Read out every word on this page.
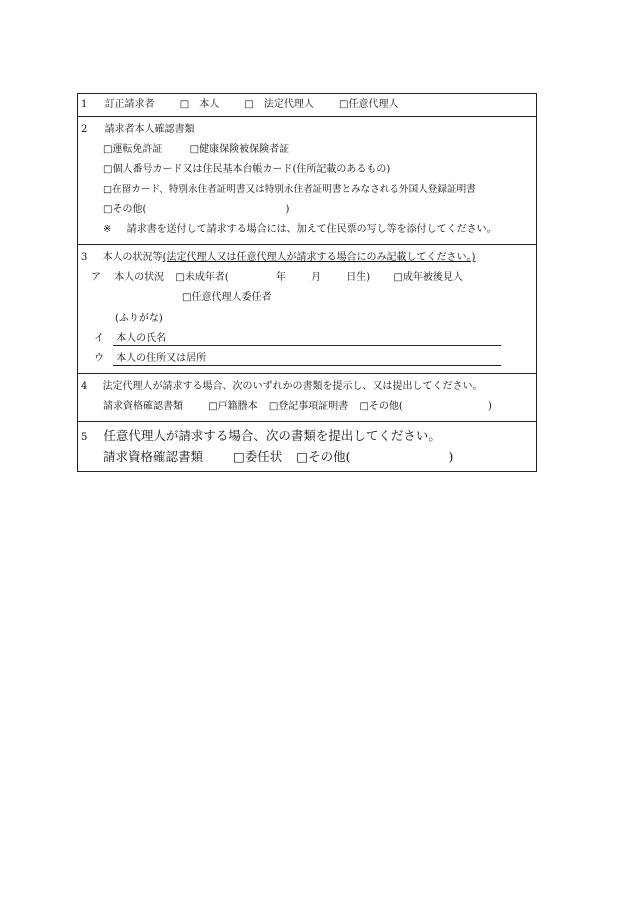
1 訂正請求者	□　本人	□　法定代理人	□任意代理人
2 請求者本人確認書類
□運転免許証	□健康保険被保険者証
□個人番号カード又は住民基本台帳カード(住所記載のあるもの)
□在留カード、特別永住者証明書又は特別永住者証明書とみなされる外国人登録証明書
□その他(	)
※ 請求書を送付して請求する場合には、加えて住民票の写し等を添付してください。
3 本人の状況等(法定代理人又は任意代理人が請求する場合にのみ記載してください。)
ア 本人の状況 □未成年者(	年	月	日生) □成年被後見人
□任意代理人委任者
(ふりがな)
イ 本人の氏名
ウ 本人の住所又は居所
4 法定代理人が請求する場合、次のいずれかの書類を提示し、又は提出してください。
請求資格確認書類	□戸籍謄本 □登記事項証明書 □その他(	)
5 任意代理人が請求する場合、次の書類を提出してください。
請求資格確認書類 □委任状 □その他(	)
